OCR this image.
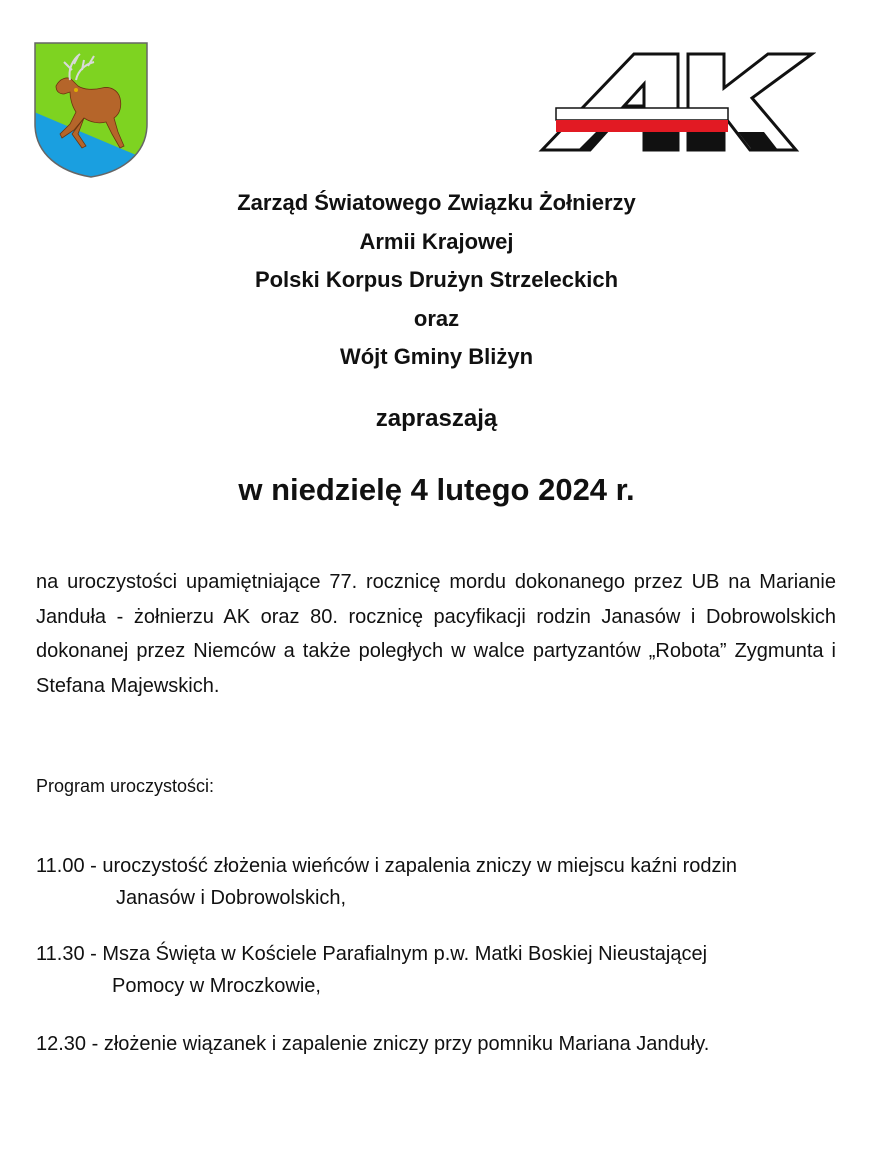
Zarząd Światowego Związku Żołnierzy

Armii Krajowej

Polski Korpus Drużyn Strzeleckich

oraz

Wójt Gminy Bliżyn

zapraszają
w niedzielę 4 lutego 2024 r.

na uroczystości upamiętniające 77. rocznicę mordu dokonanego przez UB na Marianie Janduła - żołnierzu AK oraz 80. rocznicę pacyfikacji rodzin Janasów i Dobrowolskich dokonanej przez Niemców a także poległych w walce partyzantów „Robota” Zygmunta i Stefana Majewskich.

Program uroczystości:

11.00 - uroczystość złożenia wieńców i zapalenia zniczy w miejscu kaźni rodzin
Janasów i Dobrowolskich,

11.30 - Msza Święta w Kościele Parafialnym p.w. Matki Boskiej Nieustającej
Pomocy w Mroczkowie,

12.30 - złożenie wiązanek i zapalenie zniczy przy pomniku Mariana Janduły.
